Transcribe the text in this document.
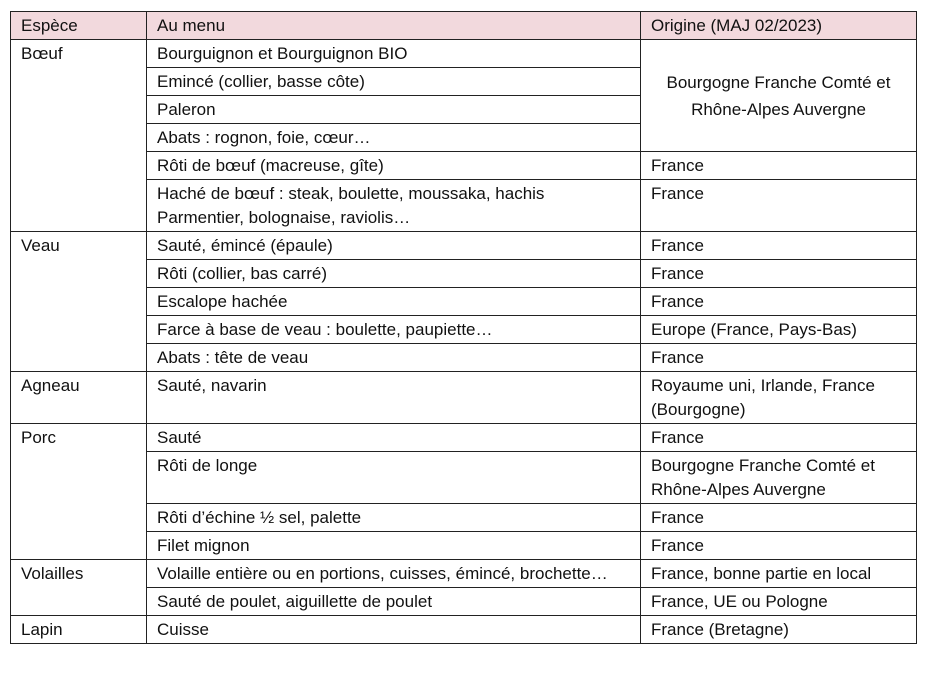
Espèce	Au menu	Origine (MAJ 02/2023)
Bœuf	Bourguignon et Bourguignon BIO	Bourgogne Franche Comté et Rhône-Alpes Auvergne
	Emincé (collier, basse côte)	
	Paleron	
	Abats : rognon, foie, cœur…	
	Rôti de bœuf (macreuse, gîte)	France
	Haché de bœuf : steak, boulette, moussaka, hachis Parmentier, bolognaise, raviolis…	France
Veau	Sauté, émincé (épaule)	France
	Rôti (collier, bas carré)	France
	Escalope hachée	France
	Farce à base de veau : boulette, paupiette…	Europe (France, Pays-Bas)
	Abats : tête de veau	France
Agneau	Sauté, navarin	Royaume uni, Irlande, France (Bourgogne)
Porc	Sauté	France
	Rôti de longe	Bourgogne Franche Comté et Rhône-Alpes Auvergne
	Rôti d’échine ½ sel, palette	France
	Filet mignon	France
Volailles	Volaille entière ou en portions, cuisses, émincé, brochette…	France, bonne partie en local
	Sauté de poulet, aiguillette de poulet	France, UE ou Pologne
Lapin	Cuisse	France (Bretagne)
